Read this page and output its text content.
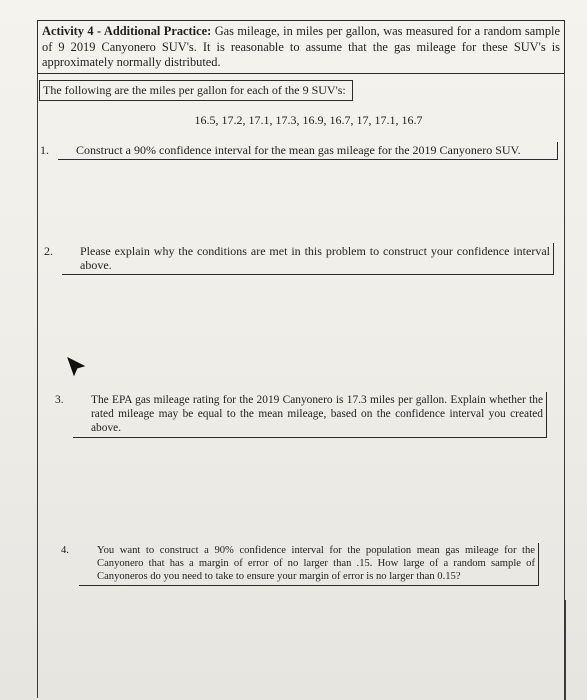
Activity 4 - Additional Practice: Gas mileage, in miles per gallon, was measured for a random sample of 9 2019 Canyonero SUV's. It is reasonable to assume that the gas mileage for these SUV's is approximately normally distributed.
The following are the miles per gallon for each of the 9 SUV's:
16.5, 17.2, 17.1, 17.3, 16.9, 16.7, 17, 17.1, 16.7
1. Construct a 90% confidence interval for the mean gas mileage for the 2019 Canyonero SUV.
2. Please explain why the conditions are met in this problem to construct your confidence interval above.
3. The EPA gas mileage rating for the 2019 Canyonero is 17.3 miles per gallon. Explain whether the rated mileage may be equal to the mean mileage, based on the confidence interval you created above.
4.	You want to construct a 90% confidence interval for the population mean gas mileage for the Canyonero that has a margin of error of no larger than .15. How large of a random sample of Canyoneros do you need to take to ensure your margin of error is no larger than 0.15?
